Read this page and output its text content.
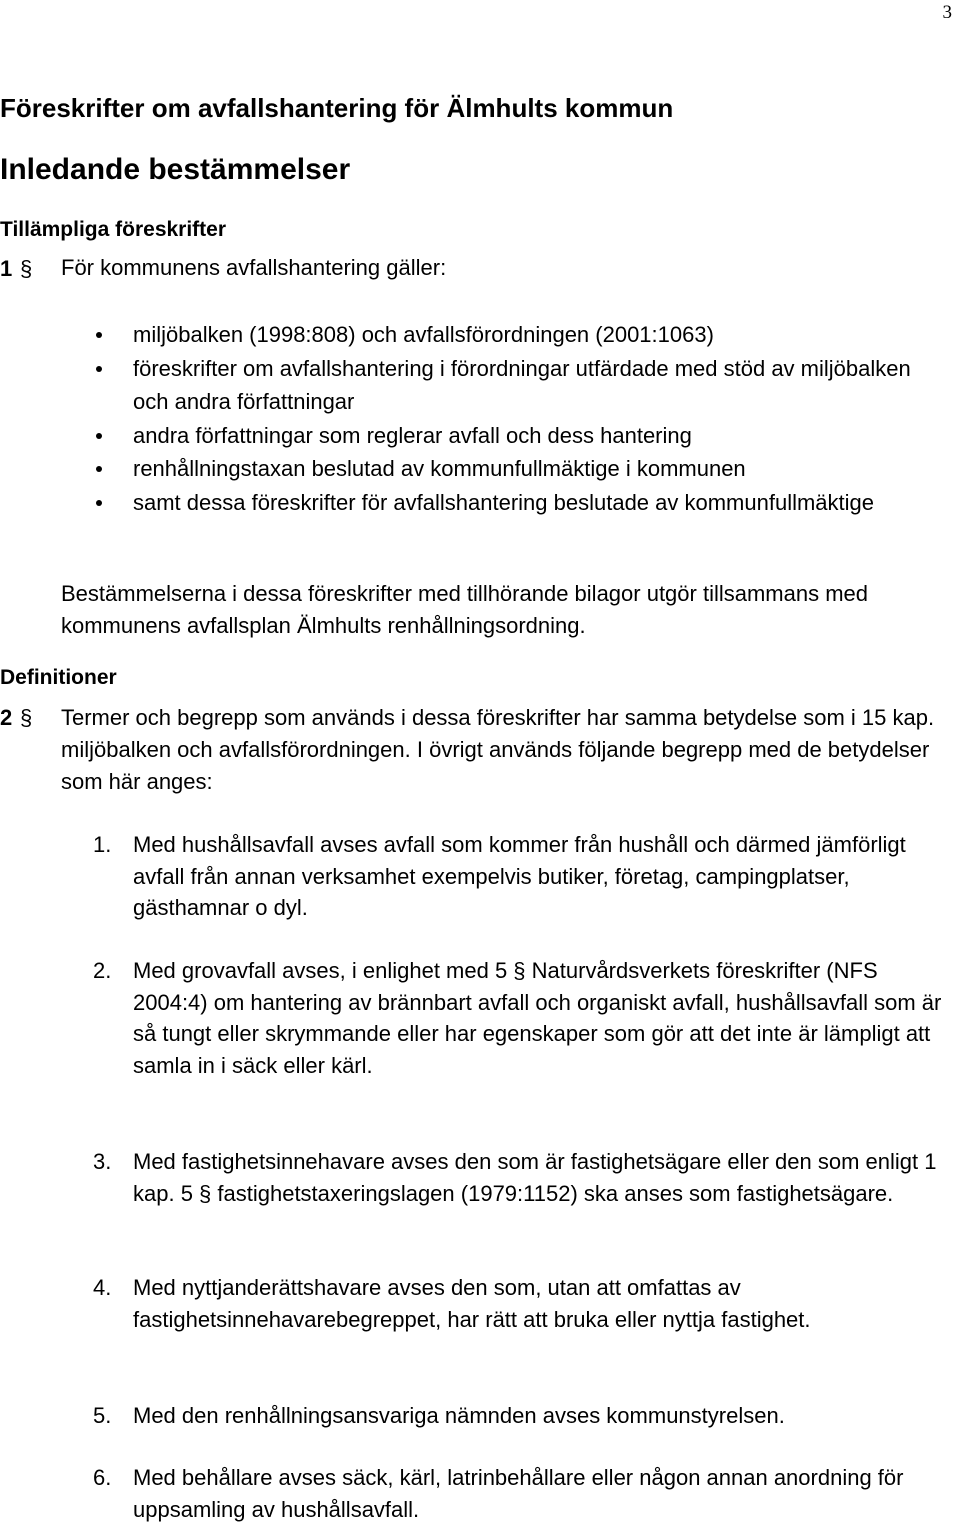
3
Föreskrifter om avfallshantering för Älmhults kommun
Inledande bestämmelser
Tillämpliga föreskrifter
1 § För kommunens avfallshantering gäller:
miljöbalken (1998:808) och avfallsförordningen (2001:1063)
föreskrifter om avfallshantering i förordningar utfärdade med stöd av miljöbalken och andra författningar
andra författningar som reglerar avfall och dess hantering
renhållningstaxan beslutad av kommunfullmäktige i kommunen
samt dessa föreskrifter för avfallshantering beslutade av kommunfullmäktige
Bestämmelserna i dessa föreskrifter med tillhörande bilagor utgör tillsammans med kommunens avfallsplan Älmhults renhållningsordning.
Definitioner
2 § Termer och begrepp som används i dessa föreskrifter har samma betydelse som i 15 kap. miljöbalken och avfallsförordningen. I övrigt används följande begrepp med de betydelser som här anges:
1. Med hushållsavfall avses avfall som kommer från hushåll och därmed jämförligt avfall från annan verksamhet exempelvis butiker, företag, campingplatser, gästhamnar o dyl.
2. Med grovavfall avses, i enlighet med 5 § Naturvårdsverkets föreskrifter (NFS 2004:4) om hantering av brännbart avfall och organiskt avfall, hushållsavfall som är så tungt eller skrymmande eller har egenskaper som gör att det inte är lämpligt att samla in i säck eller kärl.
3. Med fastighetsinnehavare avses den som är fastighetsägare eller den som enligt 1 kap. 5 § fastighetstaxeringslagen (1979:1152) ska anses som fastighetsägare.
4. Med nyttjanderättshavare avses den som, utan att omfattas av fastighetsinnehavarebegreppet, har rätt att bruka eller nyttja fastighet.
5. Med den renhållningsansvariga nämnden avses kommunstyrelsen.
6. Med behållare avses säck, kärl, latrinbehållare eller någon annan anordning för uppsamling av hushållsavfall.
